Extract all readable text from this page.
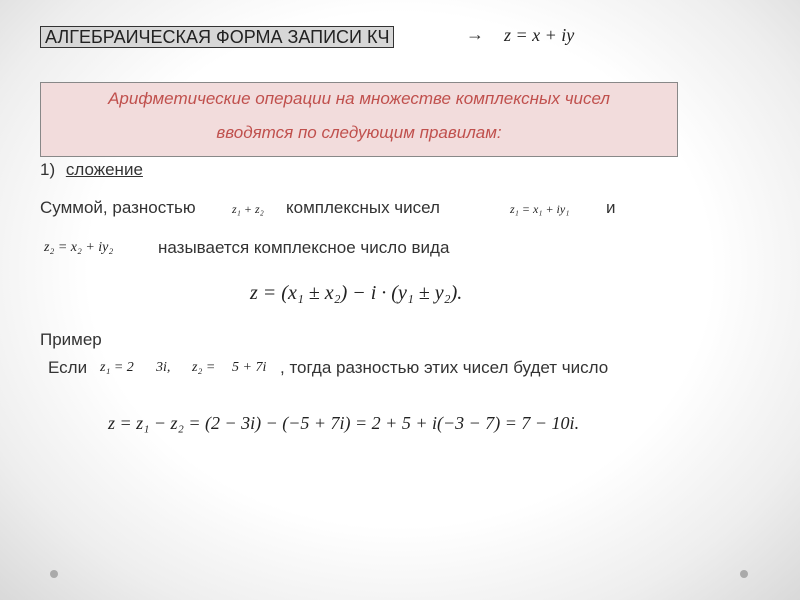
АЛГЕБРАИЧЕСКАЯ ФОРМА ЗАПИСИ КЧ	→ z = x + iy
Арифметические операции на множестве комплексных чисел
вводятся по следующим правилам:
1) сложение
Суммой, разностью	z₁ + z₂ комплексных чисел	z₁ = x₁ + iy₁ и
z₂ = x₂ + iy₂	называется комплексное число вида
z = (x₁ ± x₂) − i · (y₁ ± y₂).
Пример
Если z₁ = 2 3i, z₂ = 5 + 7i , тогда разностью этих чисел будет число
z = z₁ − z₂ = (2 − 3i) − (−5 + 7i) = 2 + 5 + i(−3 − 7) = 7 − 10i.
